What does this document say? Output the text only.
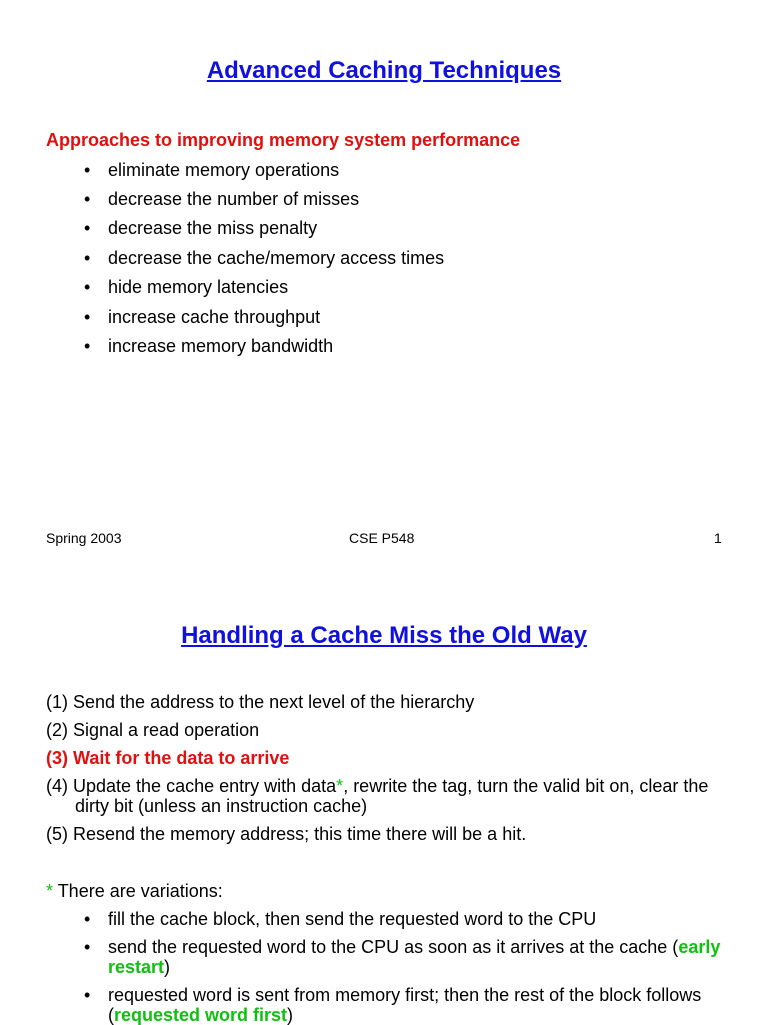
Advanced Caching Techniques
Approaches to improving memory system performance
• eliminate memory operations
• decrease the number of misses
• decrease the miss penalty
• decrease the cache/memory access times
• hide memory latencies
• increase cache throughput
• increase memory bandwidth
Spring 2003	CSE P548	1
Handling a Cache Miss the Old Way
(1) Send the address to the next level of the hierarchy
(2) Signal a read operation
(3) Wait for the data to arrive
(4) Update the cache entry with data*, rewrite the tag, turn the valid bit on, clear the dirty bit (unless an instruction cache)
(5) Resend the memory address; this time there will be a hit.
* There are variations:
• fill the cache block, then send the requested word to the CPU
• send the requested word to the CPU as soon as it arrives at the cache (early restart)
• requested word is sent from memory first; then the rest of the block follows (requested word first)
